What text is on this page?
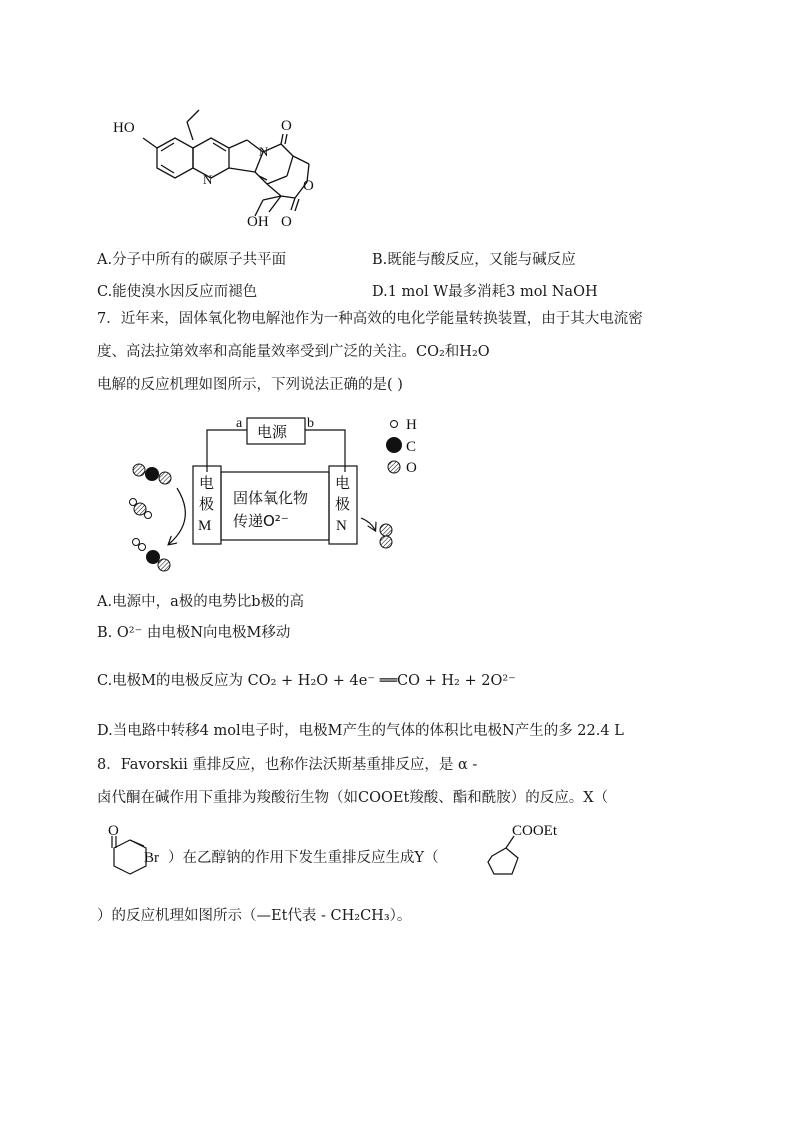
HO
N
N
O
O
OH O
A.分子中所有的碳原子共平面	B.既能与酸反应，又能与碱反应
C.能使溴水因反应而褪色	D.1 mol W最多消耗3 mol NaOH
7．近年来，固体氧化物电解池作为一种高效的电化学能量转换装置，由于其大电流密
度、高法拉第效率和高能量效率受到广泛的关注。CO₂和H₂O
电解的反应机理如图所示，下列说法正确的是( )
a	b
电源
电
极
M
电
极
N
固体氧化物
传递O²⁻
H
C
O
A.电源中，a极的电势比b极的高
B. O²⁻ 由电极N向电极M移动
C.电极M的电极反应为 CO₂ + H₂O + 4e⁻ ══CO + H₂ + 2O²⁻
D.当电路中转移4 mol电子时，电极M产生的气体的体积比电极N产生的多 22.4 L
8．Favorskii 重排反应，也称作法沃斯基重排反应，是 α -
卤代酮在碱作用下重排为羧酸衍生物（如COOEt羧酸、酯和酰胺）的反应。X（
O
Br ）在乙醇钠的作用下发生重排反应生成Y（
COOEt
）的反应机理如图所示（—Et代表 - CH₂CH₃）。
